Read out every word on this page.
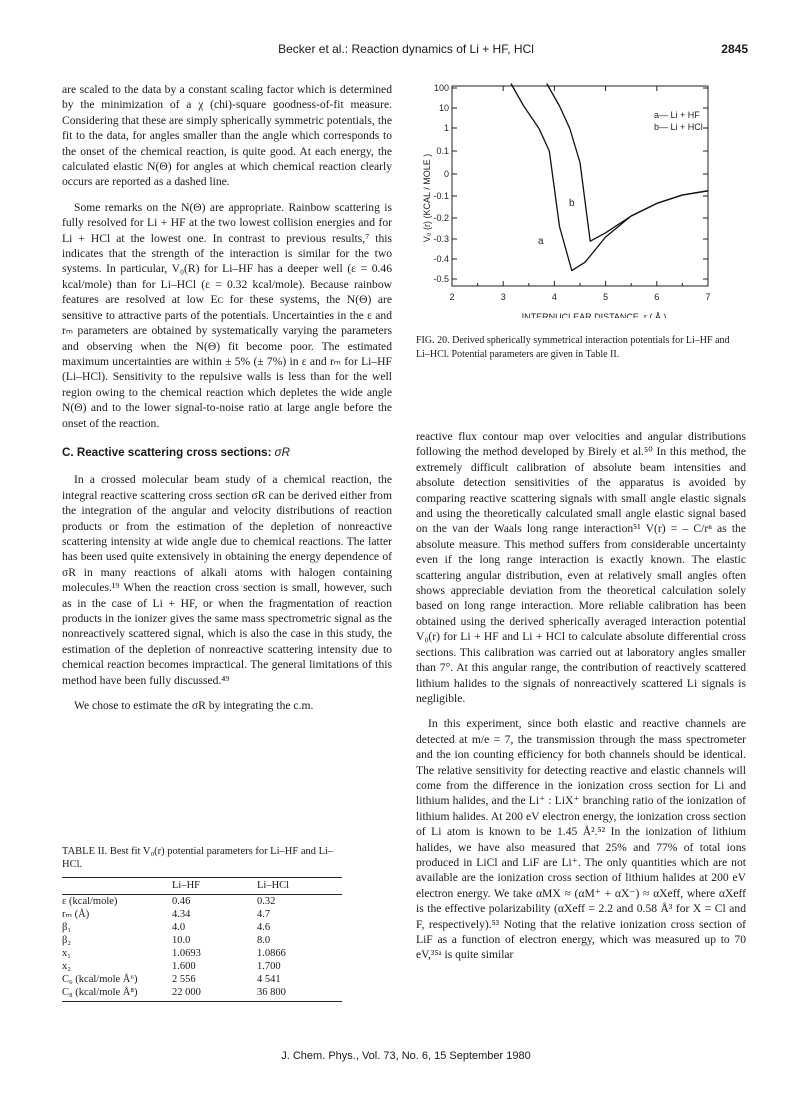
Becker et al.: Reaction dynamics of Li + HF, HCl	2845

are scaled to the data by a constant scaling factor which is determined by the minimization of a χ (chi)-square goodness-of-fit measure. Considering that these are simply spherically symmetric potentials, the fit to the data, for angles smaller than the angle which corresponds to the onset of the chemical reaction, is quite good. At each energy, the calculated elastic N(Θ) for angles at which chemical reaction clearly occurs are reported as a dashed line.

Some remarks on the N(Θ) are appropriate. Rainbow scattering is fully resolved for Li + HF at the two lowest collision energies and for Li + HCl at the lowest one. In contrast to previous results,⁷ this indicates that the strength of the interaction is similar for the two systems. In particular, V₀(R) for Li–HF has a deeper well (ε = 0.46 kcal/mole) than for Li–HCl (ε = 0.32 kcal/mole). Because rainbow features are resolved at low Eᴄ for these systems, the N(Θ) are sensitive to attractive parts of the potentials. Uncertainties in the ε and rₘ parameters are obtained by systematically varying the parameters and observing when the N(Θ) fit become poor. The estimated maximum uncertainties are within ± 5% (± 7%) in ε and rₘ for Li–HF (Li–HCl). Sensitivity to the repulsive walls is less than for the well region owing to the chemical reaction which depletes the wide angle N(Θ) and to the lower signal-to-noise ratio at large angle before the onset of the reaction.

C. Reactive scattering cross sections: σR

In a crossed molecular beam study of a chemical reaction, the integral reactive scattering cross section σR can be derived either from the integration of the angular and velocity distributions of reaction products or from the estimation of the depletion of nonreactive scattering intensity at wide angle due to chemical reactions. The latter has been used quite extensively in obtaining the energy dependence of σR in many reactions of alkali atoms with halogen containing molecules.¹⁹ When the reaction cross section is small, however, such as in the case of Li + HF, or when the fragmentation of reaction products in the ionizer gives the same mass spectrometric signal as the nonreactively scattered signal, which is also the case in this study, the estimation of the depletion of nonreactive scattering intensity due to chemical reaction becomes impractical. The general limitations of this method have been fully discussed.⁴⁹

We chose to estimate the σR by integrating the c.m.

100
10
1
0.1
0
-0.1
-0.2
-0.3
-0.4
-0.5
2	3	4	5	6	7
V₀ (r) (KCAL / MOLE )
INTERNUCLEAR DISTANCE, r ( Å )
a— Li + HF
b— Li + HCl
a
b
FIG. 20. Derived spherically symmetrical interaction potentials for Li–HF and Li–HCl. Potential parameters are given in Table II.

reactive flux contour map over velocities and angular distributions following the method developed by Birely et al.⁵⁰ In this method, the extremely difficult calibration of absolute beam intensities and absolute detection sensitivities of the apparatus is avoided by comparing reactive scattering signals with small angle elastic signals and using the theoretically calculated small angle elastic signal based on the van der Waals long range interaction⁵¹ V(r) = – C/rⁿ as the absolute measure. This method suffers from considerable uncertainty even if the long range interaction is exactly known. The elastic scattering angular distribution, even at relatively small angles often shows appreciable deviation from the theoretical calculation solely based on long range interaction. More reliable calibration has been obtained using the derived spherically averaged interaction potential V₀(r) for Li + HF and Li + HCl to calculate absolute differential cross sections. This calibration was carried out at laboratory angles smaller than 7°. At this angular range, the contribution of reactively scattered lithium halides to the signals of nonreactively scattered Li signals is negligible.

In this experiment, since both elastic and reactive channels are detected at m/e = 7, the transmission through the mass spectrometer and the ion counting efficiency for both channels should be identical. The relative sensitivity for detecting reactive and elastic channels will come from the difference in the ionization cross section for Li and lithium halides, and the Li⁺ : LiX⁺ branching ratio of the ionization of lithium halides. At 200 eV electron energy, the ionization cross section of Li atom is known to be 1.45 Å².⁵² In the ionization of lithium halides, we have also measured that 25% and 77% of total ions produced in LiCl and LiF are Li⁺. The only quantities which are not available are the ionization cross section of lithium halides at 200 eV electron energy. We take αMX ≈ (αM⁺ + αX⁻) ≈ αXeff, where αXeff is the effective polarizability (αXeff = 2.2 and 0.58 Å³ for X = Cl and F, respectively).⁵³ Noting that the relative ionization cross section of LiF as a function of electron energy, which was measured up to 70 eV,³⁵ᵃ is quite similar

TABLE II. Best fit V₀(r) potential parameters for Li–HF and Li–HCl.
	Li–HF	Li–HCl
ε (kcal/mole)	0.46	0.32
rₘ (Å)	4.34	4.7
β₁	4.0	4.6
β₂	10.0	8.0
x₁	1.0693	1.0866
x₂	1.600	1.700
C₆ (kcal/mole Å⁶)	2 556	4 541
C₈ (kcal/mole Å⁸)	22 000	36 800
J. Chem. Phys., Vol. 73, No. 6, 15 September 1980
